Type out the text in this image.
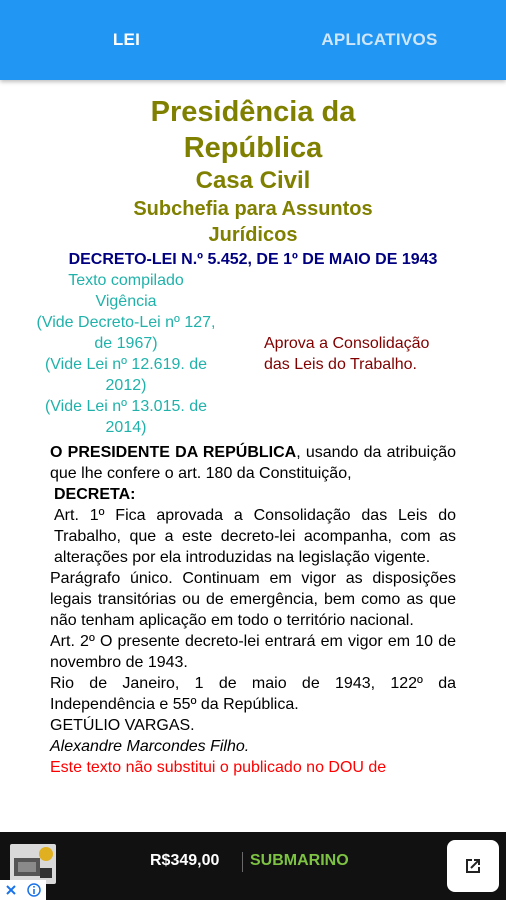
LEI	APLICATIVOS
Presidência da
República
Casa Civil
Subchefia para Assuntos
Jurídicos
DECRETO-LEI N.º 5.452, DE 1º DE MAIO DE 1943
Texto compilado
Vigência
(Vide Decreto-Lei nº 127,
de 1967)
(Vide Lei nº 12.619. de
2012)
(Vide Lei nº 13.015. de
2014)
Aprova a Consolidação
das Leis do Trabalho.

O PRESIDENTE DA REPÚBLICA, usando da atribuição que lhe confere o art. 180 da Constituição,

DECRETA:

Art. 1º Fica aprovada a Consolidação das Leis do Trabalho, que a este decreto-lei acompanha, com as alterações por ela introduzidas na legislação vigente.

Parágrafo único. Continuam em vigor as disposições legais transitórias ou de emergência, bem como as que não tenham aplicação em todo o território nacional.

Art. 2º O presente decreto-lei entrará em vigor em 10 de novembro de 1943.

Rio de Janeiro, 1 de maio de 1943, 122º da Independência e 55º da República.

GETÚLIO VARGAS.

Alexandre Marcondes Filho.

Este texto não substitui o publicado no DOU de

R$349,00 SUBMARINO
